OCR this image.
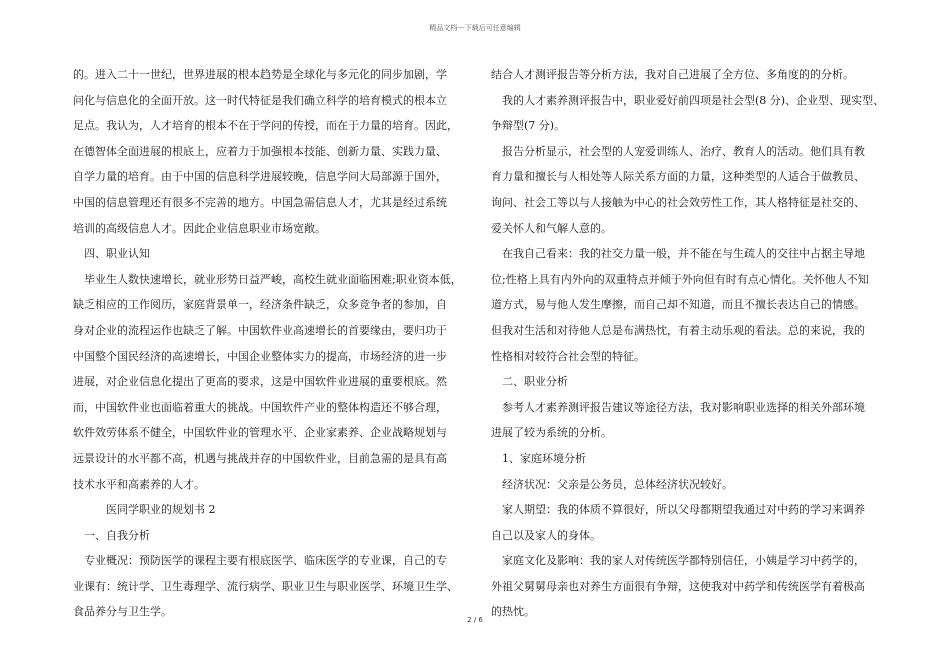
精品文档---下载后可任意编辑
的。进入二十一世纪，世界进展的根本趋势是全球化与多元化的同步加剧，学
问化与信息化的全面开放。这一时代特征是我们确立科学的培育模式的根本立
足点。我认为，人才培育的根本不在于学问的传授，而在于力量的培育。因此，
在德智体全面进展的根底上，应着力于加强根本技能、创新力量、实践力量、
自学力量的培育。由于中国的信息科学进展较晚，信息学问大局部源于国外，
中国的信息管理还有很多不完善的地方。中国急需信息人才，尤其是经过系统
培训的高级信息人才。因此企业信息职业市场宽敞。
　四、职业认知
　毕业生人数快速增长，就业形势日益严峻，高校生就业面临困难;职业资本低，
缺乏相应的工作阅历，家庭背景单一，经济条件缺乏，众多竞争者的参加，自
身对企业的流程运作也缺乏了解。中国软件业高速增长的首要缘由，要归功于
中国整个国民经济的高速增长，中国企业整体实力的提高，市场经济的进一步
进展，对企业信息化提出了更高的要求，这是中国软件业进展的重要根底。然
而，中国软件业也面临着重大的挑战。中国软件产业的整体构造还不够合理，
软件效劳体系不健全，中国软件业的管理水平、企业家素养、企业战略规划与
远景设计的水平都不高，机遇与挑战并存的中国软件业，目前急需的是具有高
技术水平和高素养的人才。
　　　医同学职业的规划书 2
　一、自我分析
　专业概况：预防医学的课程主要有根底医学、临床医学的专业课，自己的专
业课有：统计学、卫生毒理学、流行病学、职业卫生与职业医学、环境卫生学、
食品养分与卫生学。
结合人才测评报告等分析方法，我对自己进展了全方位、多角度的的分析。
　我的人才素养测评报告中，职业爱好前四项是社会型(8 分)、企业型、现实型、
争辩型(7 分)。
　报告分析显示，社会型的人宠爱训练人、治疗、教育人的活动。他们具有教
育力量和擅长与人相处等人际关系方面的力量，这种类型的人适合于做教员、
询问、社会工等以与人接触为中心的社会效劳性工作，其人格特征是社交的、
爱关怀人和气解人意的。
　在我自己看来：我的社交力量一般，并不能在与生疏人的交往中占据主导地
位;性格上具有内外向的双重特点并倾于外向但有时有点心情化。关怀他人不知
道方式，易与他人发生摩擦，而自己却不知道，而且不擅长表达自己的情感。
但我对生活和对待他人总是布满热忱，有着主动乐观的看法。总的来说，我的
性格相对较符合社会型的特征。
　二、职业分析
　参考人才素养测评报告建议等途径方法，我对影响职业选择的相关外部环境
进展了较为系统的分析。
　1、家庭环境分析
　经济状况：父亲是公务员，总体经济状况较好。
　家人期望：我的体质不算很好，所以父母都期望我通过对中药的学习来调养
自己以及家人的身体。
　家庭文化及影响：我的家人对传统医学都特别信任，小姨是学习中药学的，
外祖父舅舅母亲也对养生方面很有争辩，这使我对中药学和传统医学有着极高
的热忱。
2 / 6
